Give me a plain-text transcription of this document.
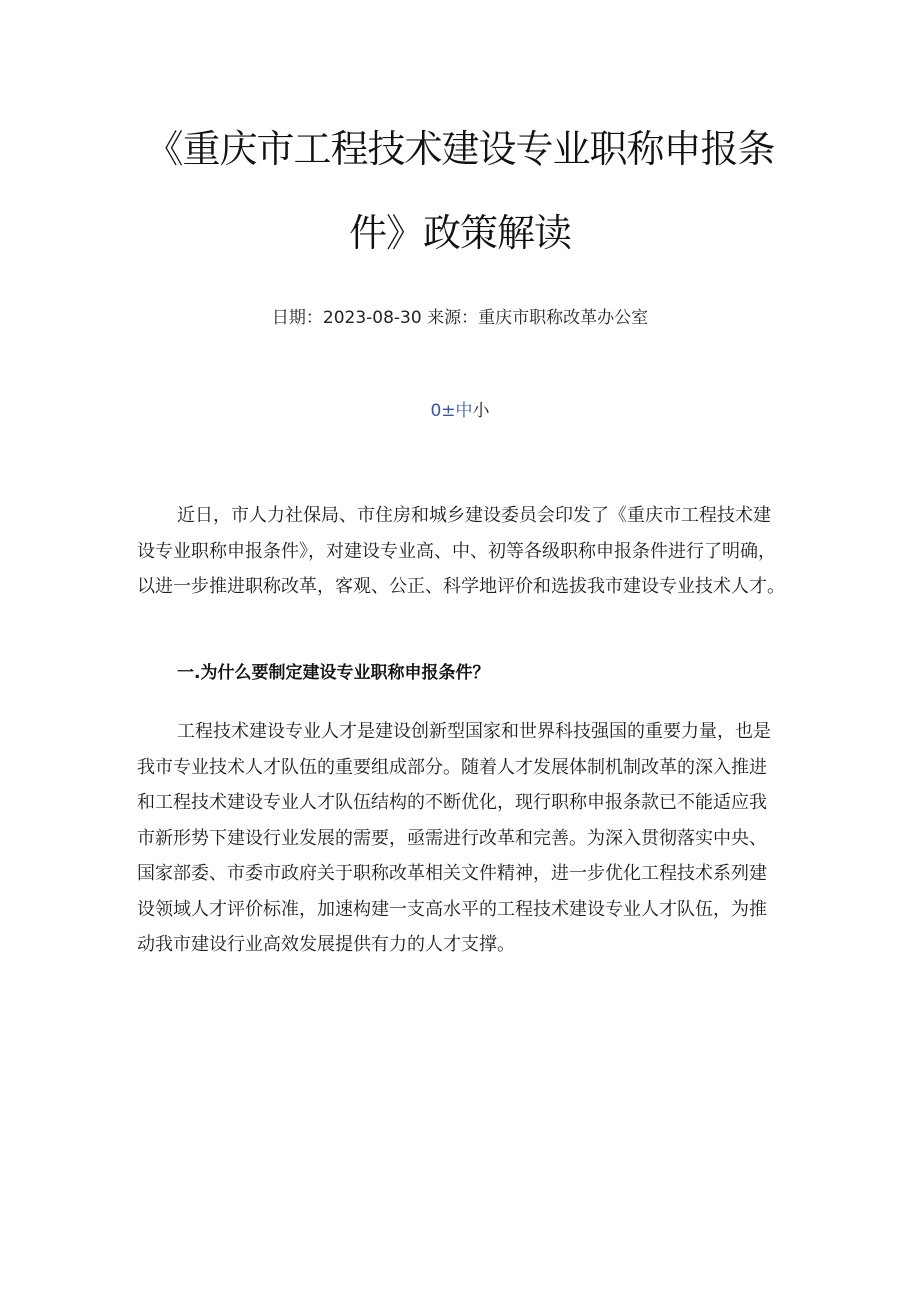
《重庆市工程技术建设专业职称申报条
件》政策解读
日期：2023-08-30 来源：重庆市职称改革办公室
0±中小
近日，市人力社保局、市住房和城乡建设委员会印发了《重庆市工程技术建
设专业职称申报条件》，对建设专业高、中、初等各级职称申报条件进行了明确，
以进一步推进职称改革，客观、公正、科学地评价和选拔我市建设专业技术人才。
一.为什么要制定建设专业职称申报条件？
工程技术建设专业人才是建设创新型国家和世界科技强国的重要力量，也是
我市专业技术人才队伍的重要组成部分。随着人才发展体制机制改革的深入推进
和工程技术建设专业人才队伍结构的不断优化，现行职称申报条款已不能适应我
市新形势下建设行业发展的需要，亟需进行改革和完善。为深入贯彻落实中央、
国家部委、市委市政府关于职称改革相关文件精神，进一步优化工程技术系列建
设领域人才评价标准，加速构建一支高水平的工程技术建设专业人才队伍，为推
动我市建设行业高效发展提供有力的人才支撑。
